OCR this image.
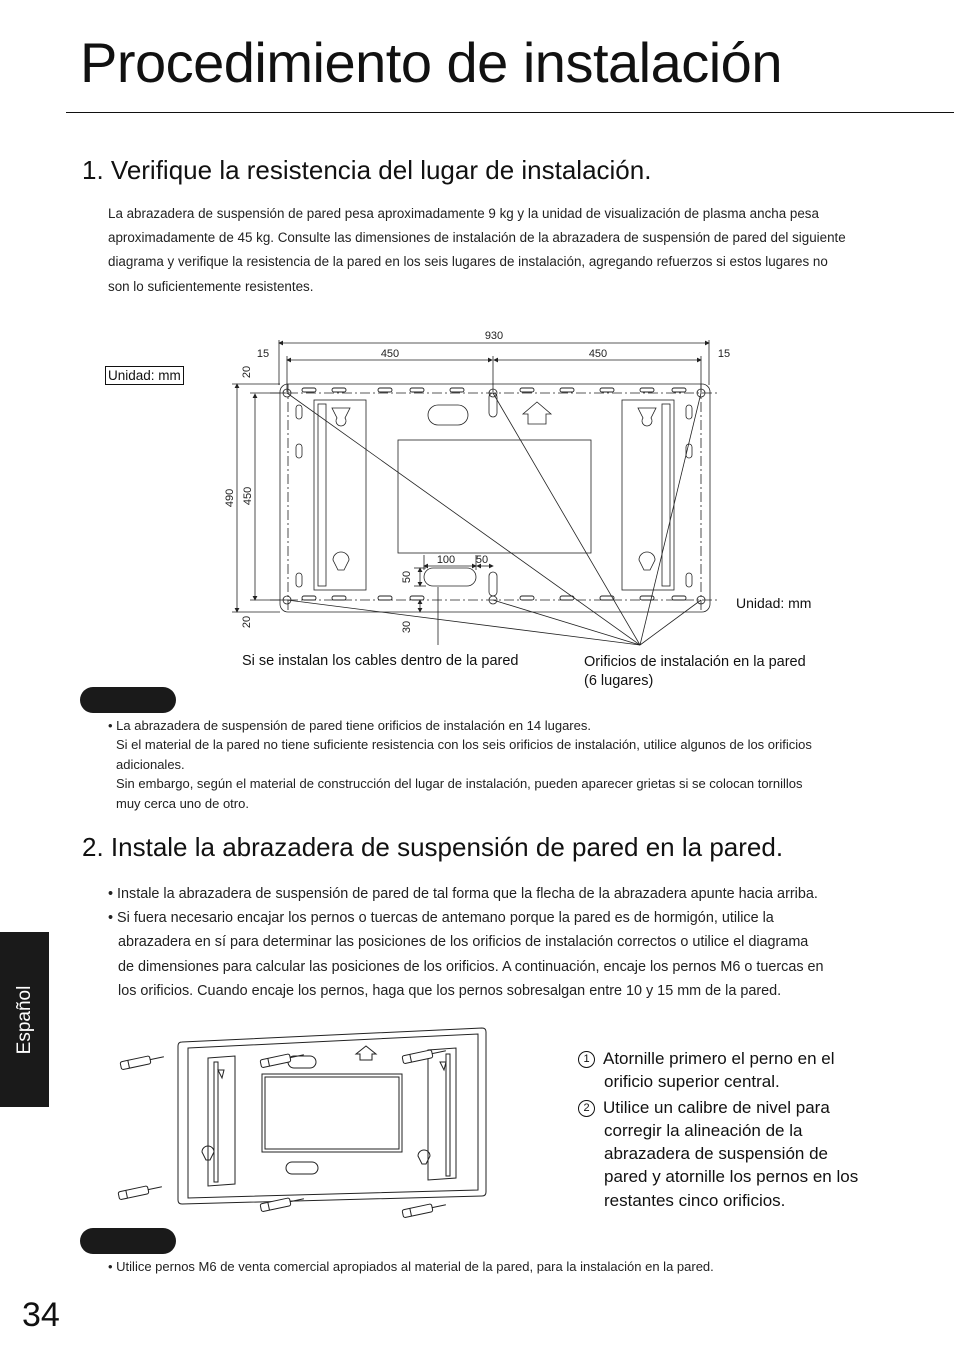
Procedimiento de instalación
1. Verifique la resistencia del lugar de instalación.
La abrazadera de suspensión de pared pesa aproximadamente 9 kg y la unidad de visualización de plasma ancha pesa
aproximadamente de 45 kg. Consulte las dimensiones de instalación de la abrazadera de suspensión de pared del siguiente
diagrama y verifique la resistencia de la pared en los seis lugares de instalación, agregando refuerzos si estos lugares no
son lo suficientemente resistentes.
Unidad: mm
Unidad: mm
930
15	15
450	450
20
20
490 450
100 50
50
30
Si se instalan los cables dentro de la pared	Orificios de instalación en la pared
(6 lugares)
• La abrazadera de suspensión de pared tiene orificios de instalación en 14 lugares.
Si el material de la pared no tiene suficiente resistencia con los seis orificios de instalación, utilice algunos de los orificios
adicionales.
Sin embargo, según el material de construcción del lugar de instalación, pueden aparecer grietas si se colocan tornillos
muy cerca uno de otro.
2. Instale la abrazadera de suspensión de pared en la pared.
• Instale la abrazadera de suspensión de pared de tal forma que la flecha de la abrazadera apunte hacia arriba.
• Si fuera necesario encajar los pernos o tuercas de antemano porque la pared es de hormigón, utilice la
abrazadera en sí para determinar las posiciones de los orificios de instalación correctos o utilice el diagrama
de dimensiones para calcular las posiciones de los orificios. A continuación, encaje los pernos M6 o tuercas en
los orificios. Cuando encaje los pernos, haga que los pernos sobresalgan entre 10 y 15 mm de la pared.
1 Atornille primero el perno en el
orificio superior central.
2 Utilice un calibre de nivel para
corregir la alineación de la
abrazadera de suspensión de
pared y atornille los pernos en los
restantes cinco orificios.
• Utilice pernos M6 de venta comercial apropiados al material de la pared, para la instalación en la pared.
Español
34
